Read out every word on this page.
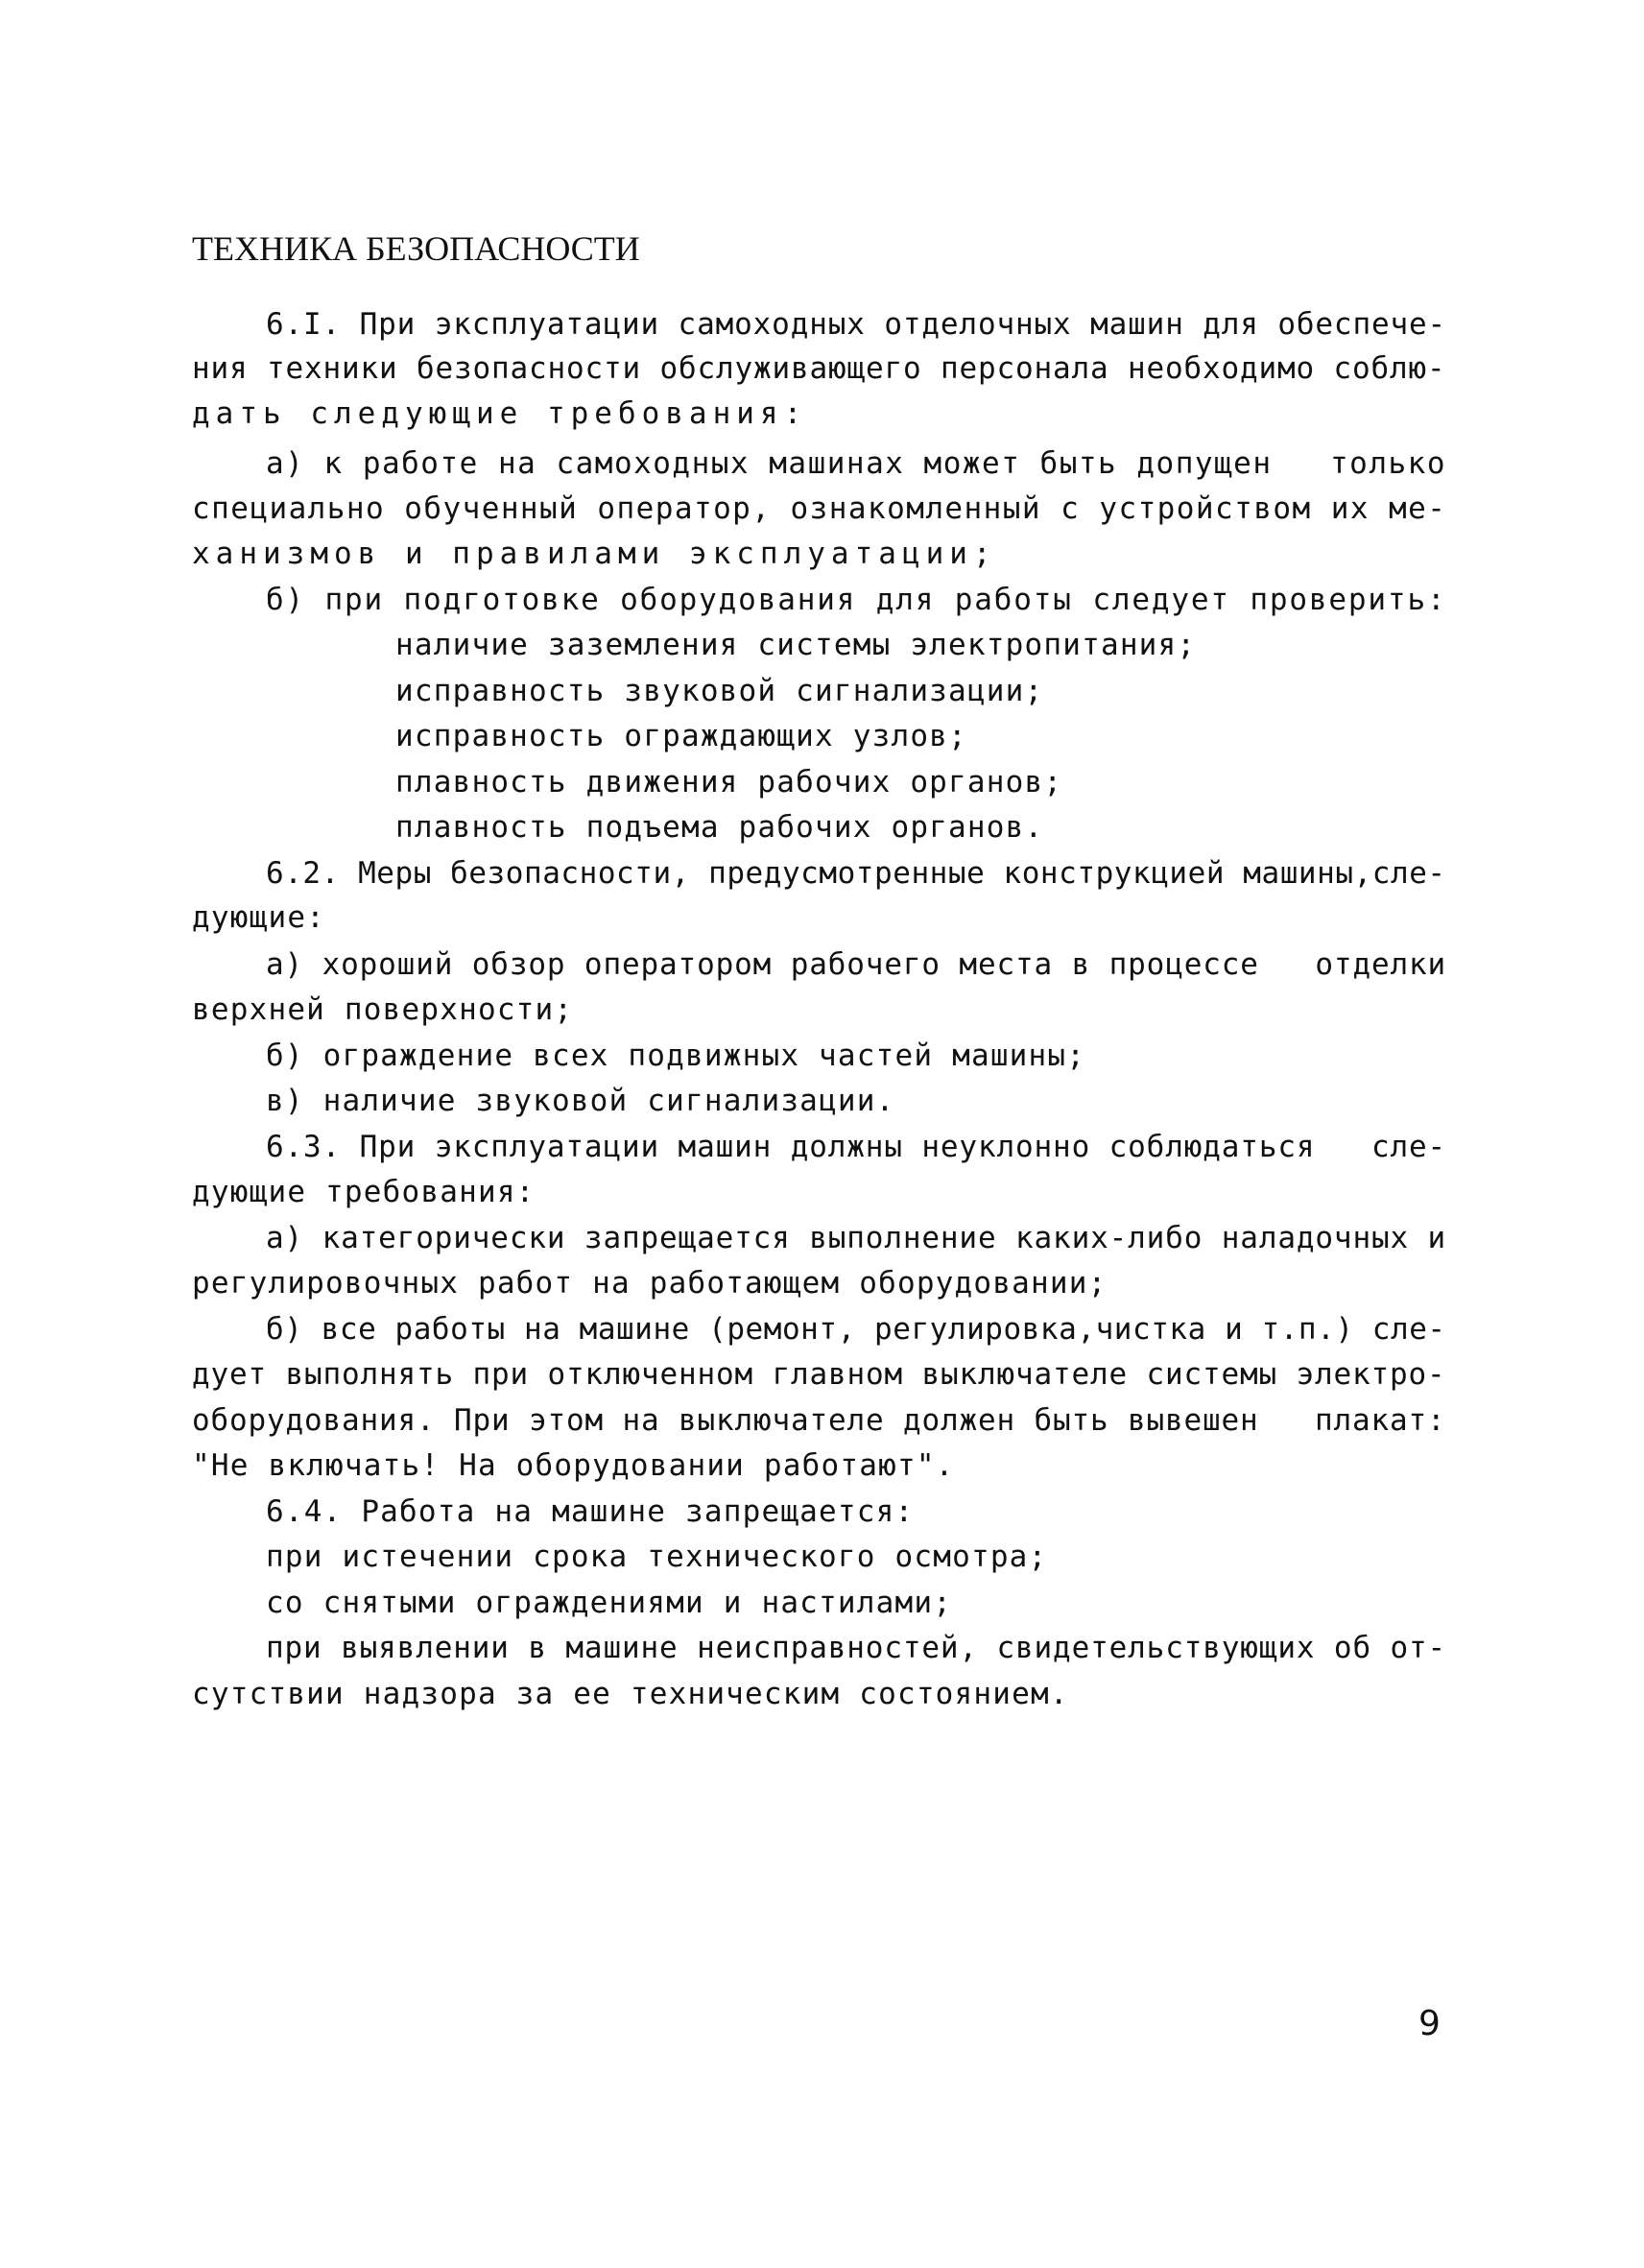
ТЕХНИКА БЕЗОПАСНОСТИ
6.I. При эксплуатации самоходных отделочных машин для обеспече-
ния техники безопасности обслуживающего персонала необходимо соблю-
дать следующие требования:
а) к работе на самоходных машинах может быть допущен   только
специально обученный оператор, ознакомленный с устройством их ме-
ханизмов и правилами эксплуатации;
б) при подготовке оборудования для работы следует проверить:
наличие заземления системы электропитания;
исправность звуковой сигнализации;
исправность ограждающих узлов;
плавность движения рабочих органов;
плавность подъема рабочих органов.
6.2. Меры безопасности, предусмотренные конструкцией машины,сле-
дующие:
а) хороший обзор оператором рабочего места в процессе   отделки
верхней поверхности;
б) ограждение всех подвижных частей машины;
в) наличие звуковой сигнализации.
6.3. При эксплуатации машин должны неуклонно соблюдаться   сле-
дующие требования:
а) категорически запрещается выполнение каких-либо наладочных и
регулировочных работ на работающем оборудовании;
б) все работы на машине (ремонт, регулировка,чистка и т.п.) сле-
дует выполнять при отключенном главном выключателе системы электро-
оборудования. При этом на выключателе должен быть вывешен   плакат:
"Не включать! На оборудовании работают".
6.4. Работа на машине запрещается:
при истечении срока технического осмотра;
со снятыми ограждениями и настилами;
при выявлении в машине неисправностей, свидетельствующих об от-
сутствии надзора за ее техническим состоянием.
9
